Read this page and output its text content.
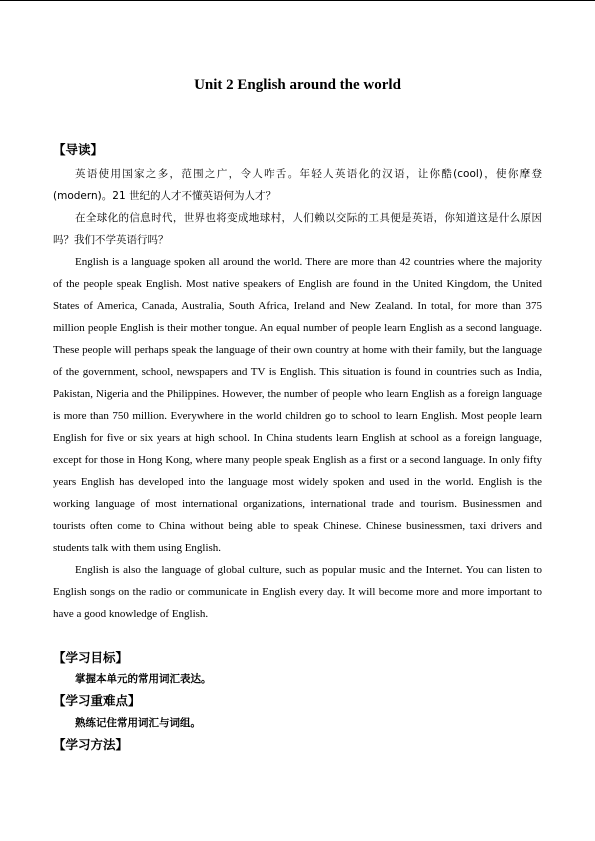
Unit 2 English around the world
【导读】

英语使用国家之多，范围之广，令人咋舌。年轻人英语化的汉语，让你酷(cool)，使你摩登(modern)。21 世纪的人才不懂英语何为人才？

在全球化的信息时代，世界也将变成地球村，人们赖以交际的工具便是英语，你知道这是什么原因吗？我们不学英语行吗？

English is a language spoken all around the world. There are more than 42 countries where the majority of the people speak English. Most native speakers of English are found in the United Kingdom, the United States of America, Canada, Australia, South Africa, Ireland and New Zealand. In total, for more than 375 million people English is their mother tongue. An equal number of people learn English as a second language. These people will perhaps speak the language of their own country at home with their family, but the language of the government, school, newspapers and TV is English. This situation is found in countries such as India, Pakistan, Nigeria and the Philippines. However, the number of people who learn English as a foreign language is more than 750 million. Everywhere in the world children go to school to learn English. Most people learn English for five or six years at high school. In China students learn English at school as a foreign language, except for those in Hong Kong, where many people speak English as a first or a second language. In only fifty years English has developed into the language most widely spoken and used in the world. English is the working language of most international organizations, international trade and tourism. Businessmen and tourists often come to China without being able to speak Chinese. Chinese businessmen, taxi drivers and students talk with them using English.

English is also the language of global culture, such as popular music and the Internet. You can listen to English songs on the radio or communicate in English every day. It will become more and more important to have a good knowledge of English.

【学习目标】
掌握本单元的常用词汇表达。
【学习重难点】
熟练记住常用词汇与词组。
【学习方法】
